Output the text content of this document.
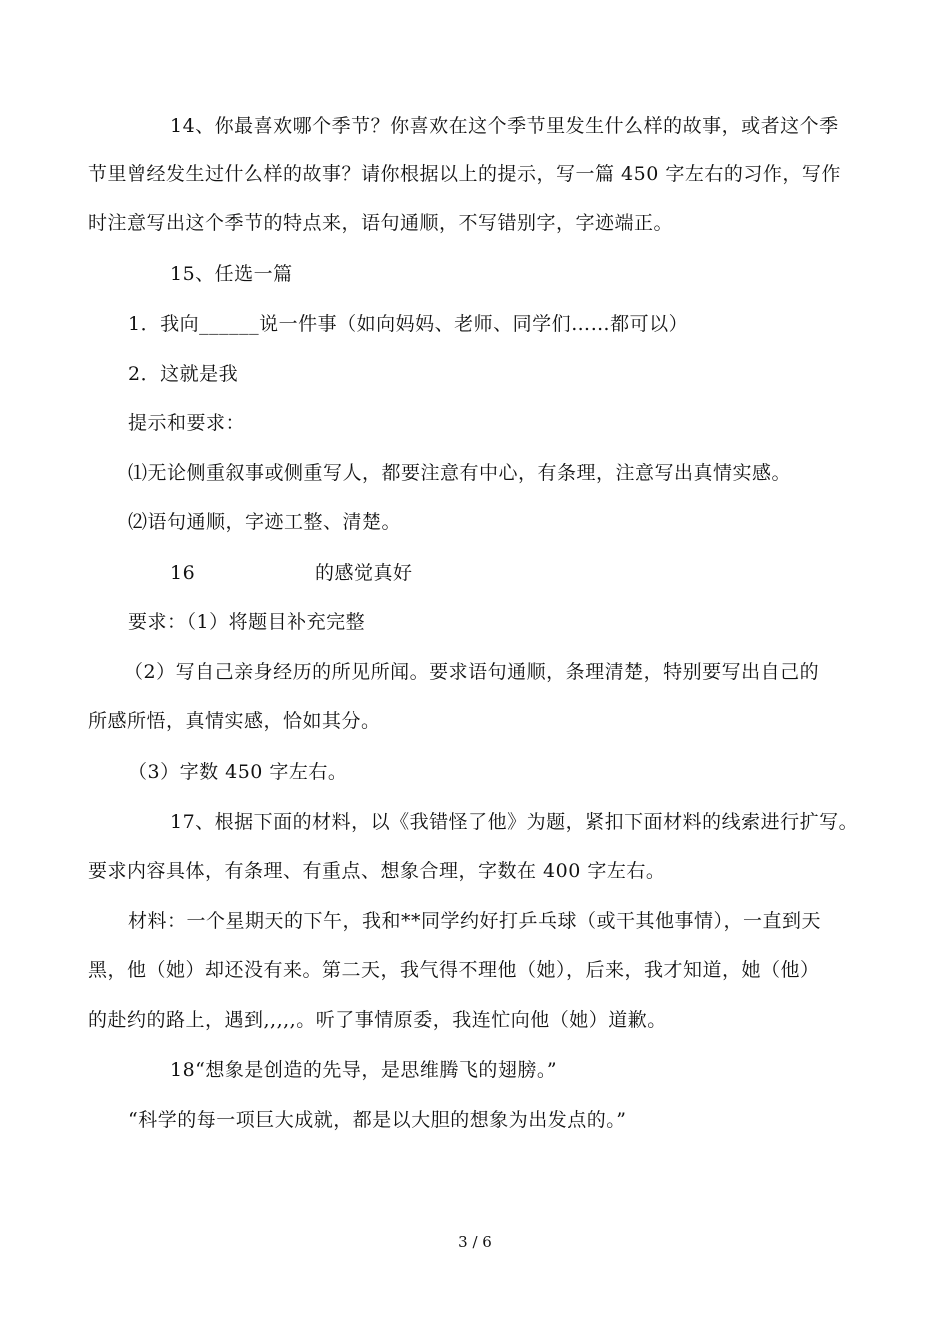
14、你最喜欢哪个季节？你喜欢在这个季节里发生什么样的故事，或者这个季
节里曾经发生过什么样的故事？请你根据以上的提示，写一篇 450 字左右的习作，写作
时注意写出这个季节的特点来，语句通顺，不写错别字，字迹端正。
15、任选一篇
1．我向______说一件事（如向妈妈、老师、同学们……都可以）
2．这就是我
提示和要求：
⑴无论侧重叙事或侧重写人，都要注意有中心，有条理，注意写出真情实感。
⑵语句通顺，字迹工整、清楚。
16	的感觉真好
要求：（1）将题目补充完整
（2）写自己亲身经历的所见所闻。要求语句通顺，条理清楚，特别要写出自己的
所感所悟，真情实感，恰如其分。
（3）字数 450 字左右。
17、根据下面的材料，以《我错怪了他》为题，紧扣下面材料的线索进行扩写。
要求内容具体，有条理、有重点、想象合理，字数在 400 字左右。
材料：一个星期天的下午，我和**同学约好打乒乓球（或干其他事情），一直到天
黑，他（她）却还没有来。第二天，我气得不理他（她），后来，我才知道，她（他）
的赴约的路上，遇到,,,,,。听了事情原委，我连忙向他（她）道歉。
18“想象是创造的先导，是思维腾飞的翅膀。”
“科学的每一项巨大成就，都是以大胆的想象为出发点的。”
3 / 6
